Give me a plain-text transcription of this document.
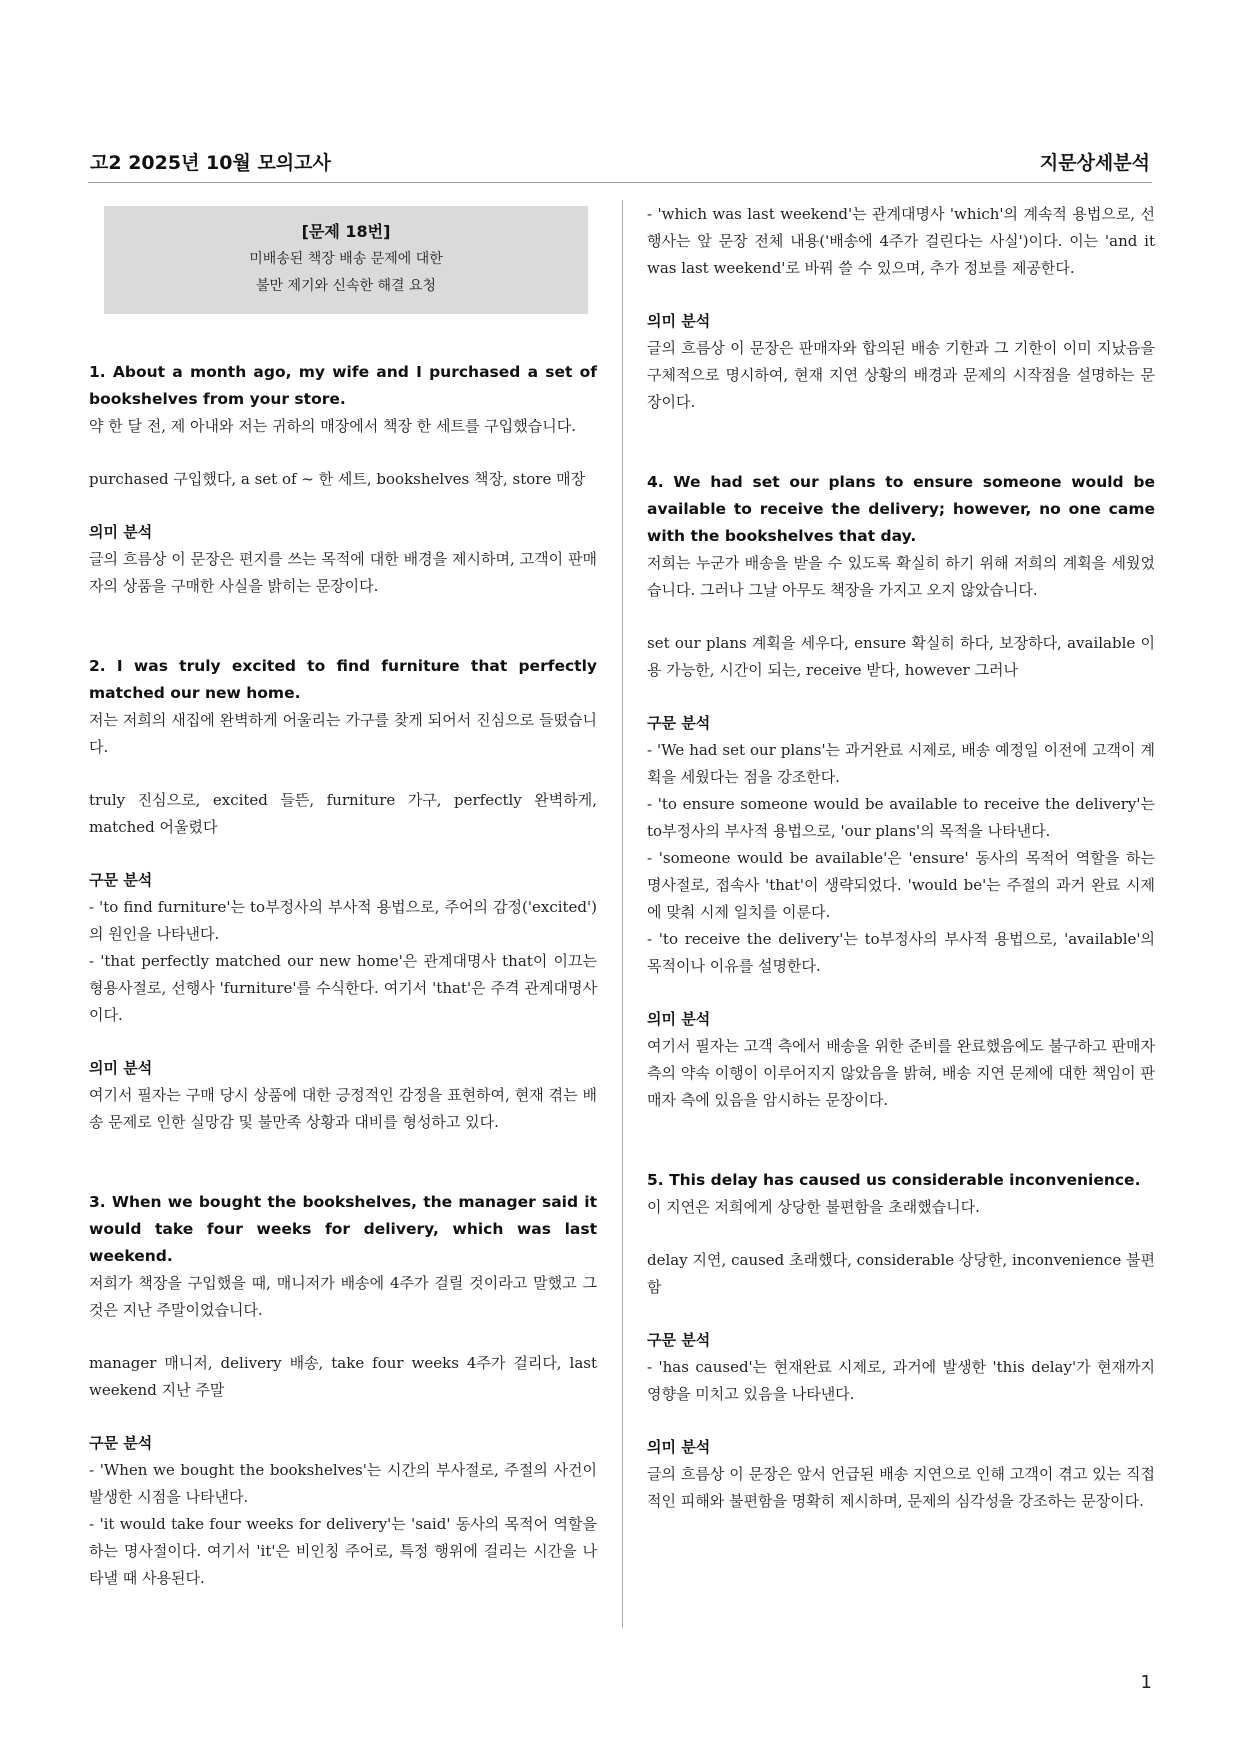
고2 2025년 10월 모의고사	지문상세분석
[문제 18번]
미배송된 책장 배송 문제에 대한
불만 제기와 신속한 해결 요청

1. About a month ago, my wife and I purchased a set of bookshelves from your store.

약 한 달 전, 제 아내와 저는 귀하의 매장에서 책장 한 세트를 구입했습니다.

purchased 구입했다, a set of ~ 한 세트, bookshelves 책장, store 매장

의미 분석

글의 흐름상 이 문장은 편지를 쓰는 목적에 대한 배경을 제시하며, 고객이 판매자의 상품을 구매한 사실을 밝히는 문장이다.

2. I was truly excited to find furniture that perfectly matched our new home.

저는 저희의 새집에 완벽하게 어울리는 가구를 찾게 되어서 진심으로 들떴습니다.

truly 진심으로, excited 들뜬, furniture 가구, perfectly 완벽하게, matched 어울렸다

구문 분석

- 'to find furniture'는 to부정사의 부사적 용법으로, 주어의 감정('excited')의 원인을 나타낸다.

- 'that perfectly matched our new home'은 관계대명사 that이 이끄는 형용사절로, 선행사 'furniture'를 수식한다. 여기서 'that'은 주격 관계대명사이다.

의미 분석

여기서 필자는 구매 당시 상품에 대한 긍정적인 감정을 표현하여, 현재 겪는 배송 문제로 인한 실망감 및 불만족 상황과 대비를 형성하고 있다.

3. When we bought the bookshelves, the manager said it would take four weeks for delivery, which was last weekend.

저희가 책장을 구입했을 때, 매니저가 배송에 4주가 걸릴 것이라고 말했고 그것은 지난 주말이었습니다.

manager 매니저, delivery 배송, take four weeks 4주가 걸리다, last weekend 지난 주말

구문 분석

- 'When we bought the bookshelves'는 시간의 부사절로, 주절의 사건이 발생한 시점을 나타낸다.

- 'it would take four weeks for delivery'는 'said' 동사의 목적어 역할을 하는 명사절이다. 여기서 'it'은 비인칭 주어로, 특정 행위에 걸리는 시간을 나타낼 때 사용된다.

- 'which was last weekend'는 관계대명사 'which'의 계속적 용법으로, 선행사는 앞 문장 전체 내용('배송에 4주가 걸린다는 사실')이다. 이는 'and it was last weekend'로 바꿔 쓸 수 있으며, 추가 정보를 제공한다.

의미 분석

글의 흐름상 이 문장은 판매자와 합의된 배송 기한과 그 기한이 이미 지났음을 구체적으로 명시하여, 현재 지연 상황의 배경과 문제의 시작점을 설명하는 문장이다.

4. We had set our plans to ensure someone would be available to receive the delivery; however, no one came with the bookshelves that day.

저희는 누군가 배송을 받을 수 있도록 확실히 하기 위해 저희의 계획을 세웠었습니다. 그러나 그날 아무도 책장을 가지고 오지 않았습니다.

set our plans 계획을 세우다, ensure 확실히 하다, 보장하다, available 이용 가능한, 시간이 되는, receive 받다, however 그러나

구문 분석

- 'We had set our plans'는 과거완료 시제로, 배송 예정일 이전에 고객이 계획을 세웠다는 점을 강조한다.

- 'to ensure someone would be available to receive the delivery'는 to부정사의 부사적 용법으로, 'our plans'의 목적을 나타낸다.

- 'someone would be available'은 'ensure' 동사의 목적어 역할을 하는 명사절로, 접속사 'that'이 생략되었다. 'would be'는 주절의 과거 완료 시제에 맞춰 시제 일치를 이룬다.

- 'to receive the delivery'는 to부정사의 부사적 용법으로, 'available'의 목적이나 이유를 설명한다.

의미 분석

여기서 필자는 고객 측에서 배송을 위한 준비를 완료했음에도 불구하고 판매자 측의 약속 이행이 이루어지지 않았음을 밝혀, 배송 지연 문제에 대한 책임이 판매자 측에 있음을 암시하는 문장이다.

5. This delay has caused us considerable inconvenience.

이 지연은 저희에게 상당한 불편함을 초래했습니다.

delay 지연, caused 초래했다, considerable 상당한, inconvenience 불편함

구문 분석

- 'has caused'는 현재완료 시제로, 과거에 발생한 'this delay'가 현재까지 영향을 미치고 있음을 나타낸다.

의미 분석

글의 흐름상 이 문장은 앞서 언급된 배송 지연으로 인해 고객이 겪고 있는 직접적인 피해와 불편함을 명확히 제시하며, 문제의 심각성을 강조하는 문장이다.

1
